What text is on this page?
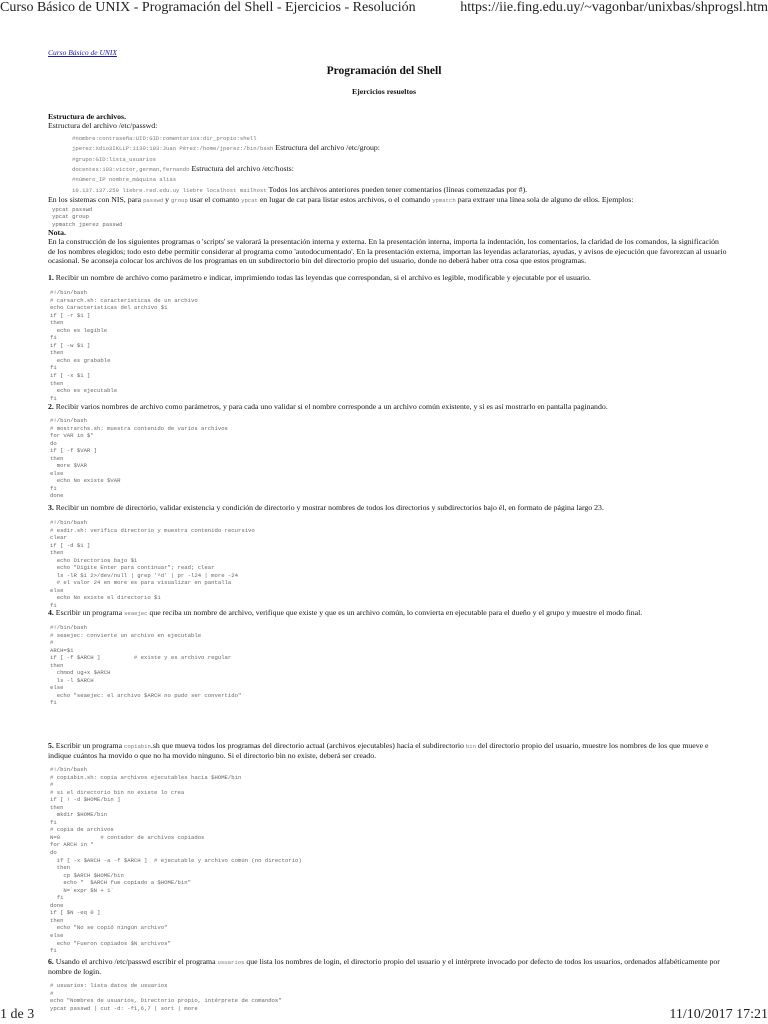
Curso Básico de UNIX - Programación del Shell - Ejercicios - Resolución	https://iie.fing.edu.uy/~vagonbar/unixbas/shprogsl.htm
Curso Básico de UNIX
Programación del Shell
Ejercicios resueltos
Estructura de archivos.
Estructura del archivo /etc/passwd:
#nombre:contraseña:UID:GID:comentarios:dir_propio:shell
jperez:Xdio3IKLLP:1130:103:Juan Pérez:/home/jperez:/bin/bash Estructura del archivo /etc/group:
#grupo:GID:lista_usuarios
docentes:103:victor,german,fernando Estructura del archivo /etc/hosts:
#número_IP nombre_máquina alias
10.137.137.250 liebre.red.edu.uy liebre localhost mailhost Todos los archivos anteriores pueden tener comentarios (líneas comenzadas por #).
En los sistemas con NIS, para passwd y group usar el comanto ypcat en lugar de cat para listar estos archivos, o el comando ypmatch para extraer una línea sola de alguno de ellos. Ejemplos:
ypcat passwd
ypcat group
ypmatch jperez passwd
Nota.
En la construcción de los siguientes programas o 'scripts' se valorará la presentación interna y externa. En la presentación interna, importa la indentación, los comentarios, la claridad de los comandos, la significación de los nombres elegidos; todo esto debe permitir considerar al programa como 'autodocumentado'. En la presentación externa, importan las leyendas aclaratorias, ayudas, y avisos de ejecución que favorezcan al usuario ocasional. Se aconseja colocar los archivos de los programas en un subdirectorio bin del directorio propio del usuario, donde no deberá haber otra cosa que estos programas.
1. Recibir un nombre de archivo como parámetro e indicar, imprimiendo todas las leyendas que correspondan, si el archivo es legible, modificable y ejecutable por el usuario.
#!/bin/bash
# carsarch.sh: caracteristicas de un archivo
echo Caracteristicas del archivo $1
if [ -r $1 ]
then
echo es legible
fi
if [ -w $1 ]
then
echo es grabable
fi
if [ -x $1 ]
then
echo es ejecutable
fi
2. Recibir varios nombres de archivo como parámetros, y para cada uno validar si el nombre corresponde a un archivo común existente, y si es así mostrarlo en pantalla paginando.
#!/bin/bash
# mostrarchs.sh: muestra contenido de varios archivos
for VAR in $*
do
if [ -f $VAR ]
then
more $VAR
else
echo No existe $VAR
fi
done
3. Recibir un nombre de directorio, validar existencia y condición de directorio y mostrar nombres de todos los directorios y subdirectorios bajo él, en formato de página largo 23.
#!/bin/bash
# esdir.sh: verifica directorio y muestra contenido recursivo
clear
if [ -d $1 ]
then
echo Directorios bajo $1
echo "Digite Enter para continuar"; read; clear
ls -lR $1 2>/dev/null | grep '^d' | pr -l24 | more -24
# el valor 24 en more es para visualizar en pantalla
else
echo No existe el directorio $1
fi
4. Escribir un programa seaejec que reciba un nombre de archivo, verifique que existe y que es un archivo común, lo convierta en ejecutable para el dueño y el grupo y muestre el modo final.
#!/bin/bash
# seaejec: convierte un archivo en ejecutable
#
ARCH=$1
if [ -f $ARCH ]          # existe y es archivo regular
then
chmod ug+x $ARCH
ls -l $ARCH
else
echo "seaejec: el archivo $ARCH no pudo ser convertido"
fi
5. Escribir un programa copiabin.sh que mueva todos los programas del directorio actual (archivos ejecutables) hacia el subdirectorio bin del directorio propio del usuario, muestre los nombres de los que mueve e indique cuántos ha movido o que no ha movido ninguno. Si el directorio bin no existe, deberá ser creado.
#!/bin/bash
# copiabin.sh: copia archivos ejecutables hacia $HOME/bin
#
# si el directorio bin no existe lo crea
if [ ! -d $HOME/bin ]
then
mkdir $HOME/bin
fi
# copia de archivos
N=0            # contador de archivos copiados
for ARCH in *
do
if [ -x $ARCH -a -f $ARCH ]  # ejecutable y archivo común (no directorio)
then
cp $ARCH $HOME/bin
echo "  $ARCH fue copiado a $HOME/bin"
N=`expr $N + 1`
fi
done
if [ $N -eq 0 ]
then
echo "No se copió ningún archivo"
else
echo "Fueron copiados $N archivos"
fi
6. Usando el archivo /etc/passwd escribir el programa usuarios que lista los nombres de login, el directorio propio del usuario y el intérprete invocado por defecto de todos los usuarios, ordenados alfabéticamente por nombre de login.
# usuarios: lista datos de usuarios
#
echo "Nombres de usuarios, Directorio propio, intérprete de comandos"
ypcat passwd | cut -d: -f1,6,7 | sort | more
1 de 3	11/10/2017 17:21
